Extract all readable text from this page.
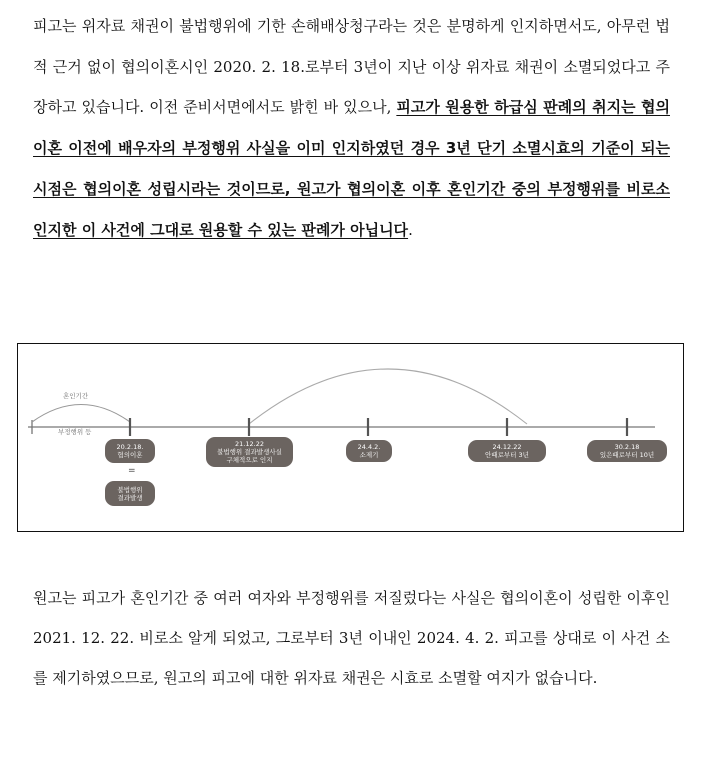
피고는 위자료 채권이 불법행위에 기한 손해배상청구라는 것은 분명하게 인지하면서도, 아무런 법적 근거 없이 협의이혼시인 2020. 2. 18.로부터 3년이 지난 이상 위자료 채권이 소멸되었다고 주장하고 있습니다. 이전 준비서면에서도 밝힌 바 있으나, 피고가 원용한 하급심 판례의 취지는 협의이혼 이전에 배우자의 부정행위 사실을 이미 인지하였던 경우 3년 단기 소멸시효의 기준이 되는 시점은 협의이혼 성립시라는 것이므로, 원고가 협의이혼 이후 혼인기간 중의 부정행위를 비로소 인지한 이 사건에 그대로 원용할 수 있는 판례가 아닙니다.

혼인기간
부정행위 등
20.2.18.
협의이혼
21.12.22
불법행위 결과발생사실
구체적으로 인지
24.4.2.
소제기
24.12.22
안때로부터 3년
30.2.18
있은때로부터 10년
=
불법행위
결과발생

원고는 피고가 혼인기간 중 여러 여자와 부정행위를 저질렀다는 사실은 협의이혼이 성립한 이후인 2021. 12. 22. 비로소 알게 되었고, 그로부터 3년 이내인 2024. 4. 2. 피고를 상대로 이 사건 소를 제기하였으므로, 원고의 피고에 대한 위자료 채권은 시효로 소멸할 여지가 없습니다.
